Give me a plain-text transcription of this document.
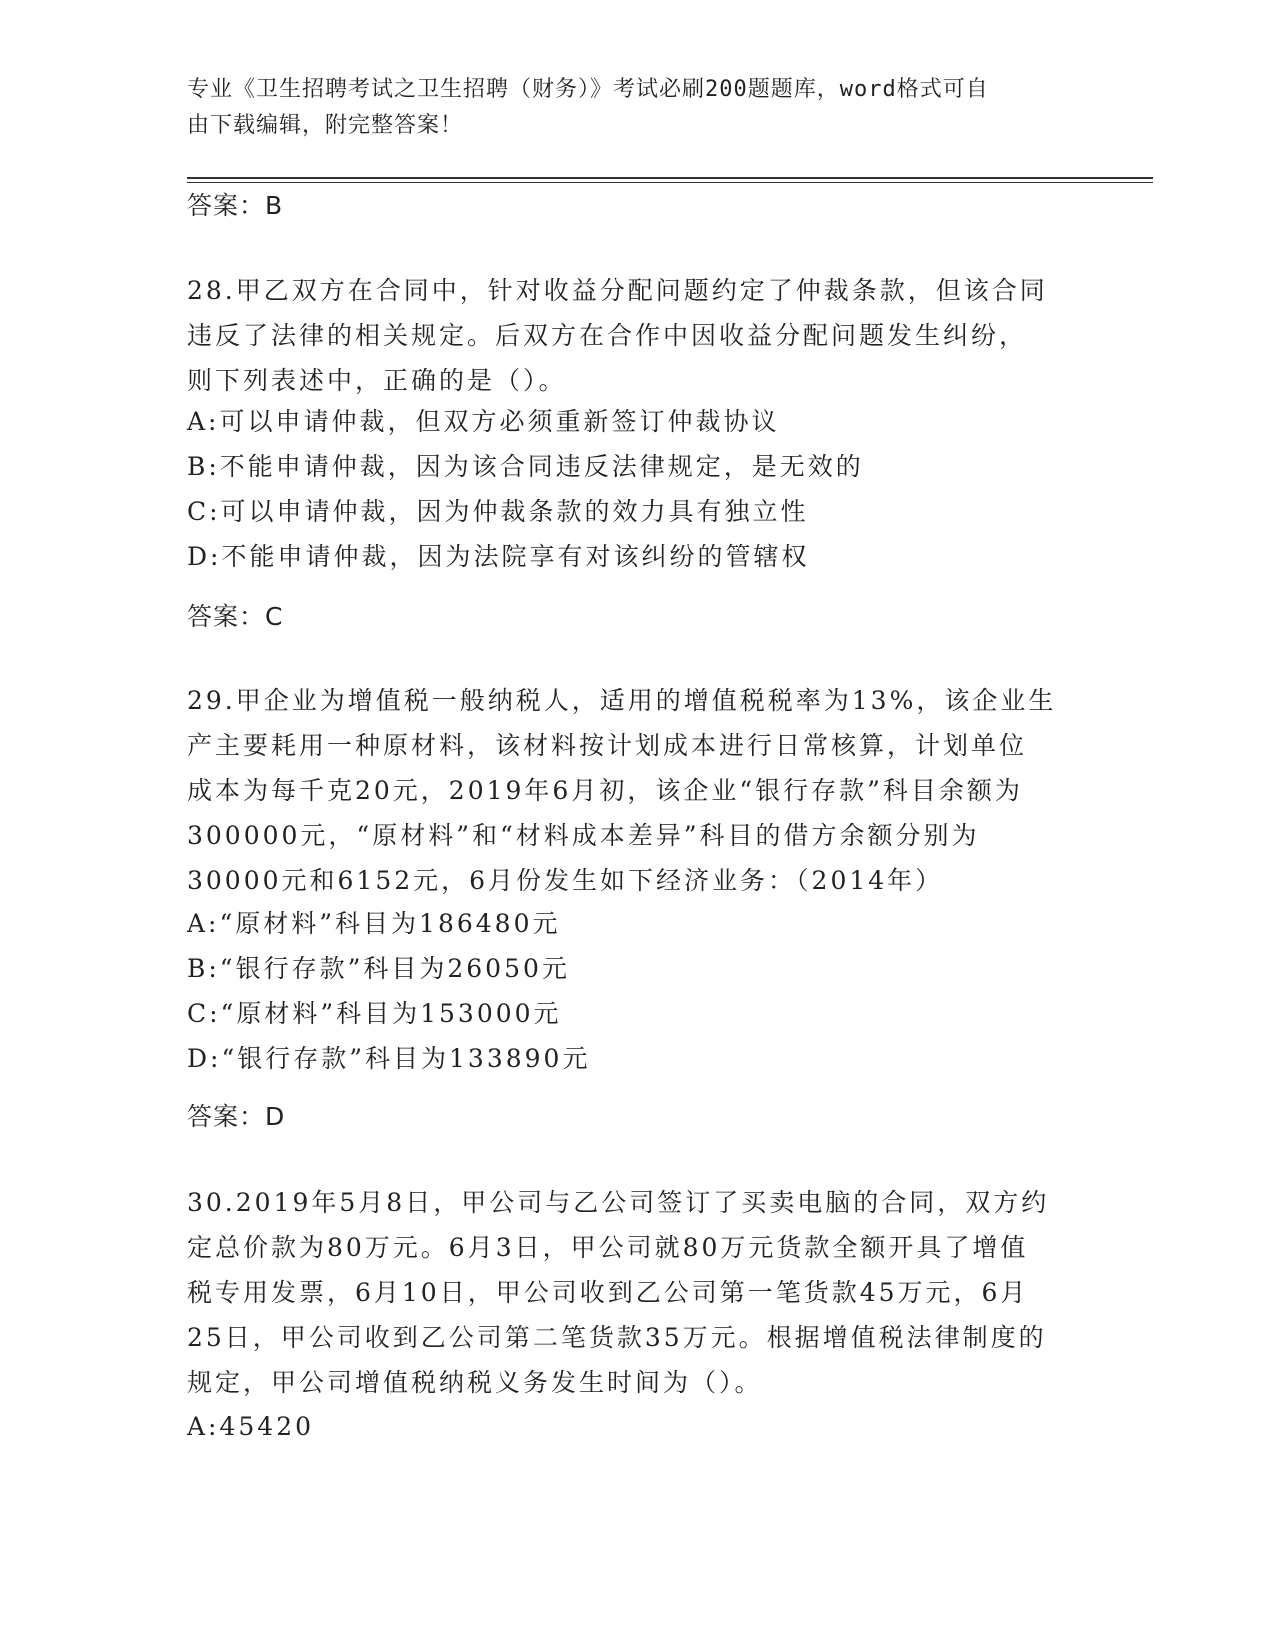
专业《卫生招聘考试之卫生招聘（财务）》考试必刷200题题库，word格式可自
由下载编辑，附完整答案！
答案：B
28.甲乙双方在合同中，针对收益分配问题约定了仲裁条款，但该合同
违反了法律的相关规定。后双方在合作中因收益分配问题发生纠纷，
则下列表述中，正确的是（）。
A:可以申请仲裁，但双方必须重新签订仲裁协议
B:不能申请仲裁，因为该合同违反法律规定，是无效的
C:可以申请仲裁，因为仲裁条款的效力具有独立性
D:不能申请仲裁，因为法院享有对该纠纷的管辖权
答案：C
29.甲企业为增值税一般纳税人，适用的增值税税率为13%，该企业生
产主要耗用一种原材料，该材料按计划成本进行日常核算，计划单位
成本为每千克20元，2019年6月初，该企业“银行存款”科目余额为
300000元，“原材料”和“材料成本差异”科目的借方余额分别为
30000元和6152元，6月份发生如下经济业务：（2014年）
A:“原材料”科目为186480元
B:“银行存款”科目为26050元
C:“原材料”科目为153000元
D:“银行存款”科目为133890元
答案：D
30.2019年5月8日，甲公司与乙公司签订了买卖电脑的合同，双方约
定总价款为80万元。6月3日，甲公司就80万元货款全额开具了增值
税专用发票，6月10日，甲公司收到乙公司第一笔货款45万元，6月
25日，甲公司收到乙公司第二笔货款35万元。根据增值税法律制度的
规定，甲公司增值税纳税义务发生时间为（）。
A:45420
